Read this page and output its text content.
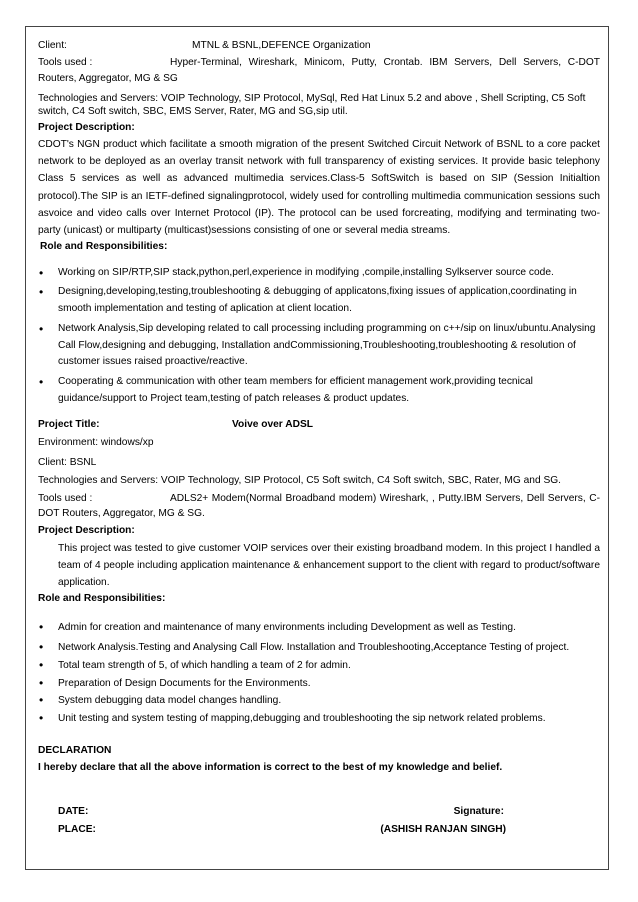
Client:	MTNL & BSNL,DEFENCE Organization
Tools used :	Hyper-Terminal, Wireshark, Minicom, Putty, Crontab. IBM Servers, Dell Servers, C-DOT Routers, Aggregator, MG & SG

Technologies and Servers: VOIP Technology, SIP Protocol, MySql, Red Hat Linux 5.2 and above , Shell Scripting, C5 Soft switch, C4 Soft switch, SBC, EMS Server, Rater, MG and SG,sip util.

Project Description:

CDOT's NGN product which facilitate a smooth migration of the present Switched Circuit Network of BSNL to a core packet network to be deployed as an overlay transit network with full transparency of existing services. It provide basic telephony Class 5 services as well as advanced multimedia services.Class-5 SoftSwitch is based on SIP (Session Initialtion protocol).The SIP is an IETF-defined signalingprotocol, widely used for controlling multimedia communication sessions such asvoice and video calls over Internet Protocol (IP). The protocol can be used forcreating, modifying and terminating two-party (unicast) or multiparty (multicast)sessions consisting of one or several media streams.

Role and Responsibilities:

• Working on SIP/RTP,SIP stack,python,perl,experience in modifying ,compile,installing Sylkserver source code.
• Designing,developing,testing,troubleshooting & debugging of applicatons,fixing issues of application,coordinating in smooth implementation and testing of aplication at client location.
• Network Analysis,Sip developing related to call processing including programming on c++/sip on linux/ubuntu.Analysing Call Flow,designing and debugging, Installation andCommissioning,Troubleshooting,troubleshooting & resolution of customer issues raised proactive/reactive.
• Cooperating & communication with other team members for efficient management work,providing tecnical guidance/support to Project team,testing of patch releases & product updates.
Project Title:	Voive over ADSL

Environment: windows/xp

Client: BSNL

Technologies and Servers: VOIP Technology, SIP Protocol, C5 Soft switch, C4 Soft switch, SBC, Rater, MG and SG.

Tools used :	ADLS2+ Modem(Normal Broadband modem) Wireshark, , Putty.IBM Servers, Dell Servers, C-DOT Routers, Aggregator, MG & SG.

Project Description:

This project was tested to give customer VOIP services over their existing broadband modem. In this project I handled a team of 4 people including application maintenance & enhancement support to the client with regard to product/software application.

Role and Responsibilities:

• Admin for creation and maintenance of many environments including Development as well as Testing.
• Network Analysis.Testing and Analysing Call Flow. Installation and Troubleshooting,Acceptance Testing of project.
• Total team strength of 5, of which handling a team of 2 for admin.
• Preparation of Design Documents for the Environments.
• System debugging data model changes handling.
• Unit testing and system testing of mapping,debugging and troubleshooting the sip network related problems.

DECLARATION

I hereby declare that all the above information is correct to the best of my knowledge and belief.

DATE:	Signature:
PLACE:	(ASHISH RANJAN SINGH)
